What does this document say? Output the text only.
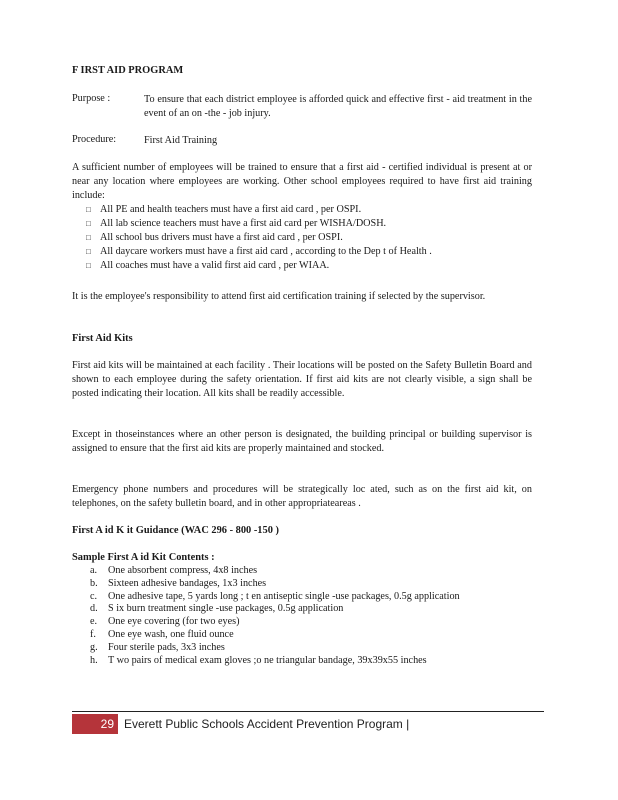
F IRST AID PROGRAM
Purpose :	To ensure that each district employee is afforded quick and effective first - aid treatment in the event of an on -the - job injury.
Procedure:	First Aid Training
A sufficient number of employees will be trained to ensure that a first aid - certified individual is present at or near any location where employees are working. Other school employees required to have first aid training include:
□ All PE and health teachers must have a first aid card , per OSPI.
□ All lab science teachers must have a first aid card per WISHA/DOSH.
□ All school bus drivers must have a first aid card , per OSPI.
□ All daycare workers must have a first aid card , according to the Dep t of Health .
□ All coaches must have a valid first aid card , per WIAA.
It is the employee's responsibility to attend first aid certification training if selected by the supervisor.
First Aid Kits
First aid kits will be maintained at each facility . Their locations will be posted on the Safety Bulletin Board and shown to each employee during the safety orientation. If first aid kits are not clearly visible, a sign shall be posted indicating their location. All kits shall be readily accessible.
Except in thoseinstances where an other person is designated, the building principal or building supervisor is assigned to ensure that the first aid kits are properly maintained and stocked.
Emergency phone numbers and procedures will be strategically loc ated, such as on the first aid kit, on telephones, on the safety bulletin board, and in other appropriateareas .
First A id K it Guidance (WAC 296 - 800 -150 )
Sample First A id Kit Contents :
a. One absorbent compress, 4x8 inches
b. Sixteen adhesive bandages, 1x3 inches
c. One adhesive tape, 5 yards long ; t en antiseptic single -use packages, 0.5g application
d. S ix burn treatment single -use packages, 0.5g application
e. One eye covering (for two eyes)
f. One eye wash, one fluid ounce
g. Four sterile pads, 3x3 inches
h. T wo pairs of medical exam gloves ;o ne triangular bandage, 39x39x55 inches
29 Everett Public Schools Accident Prevention Program |
